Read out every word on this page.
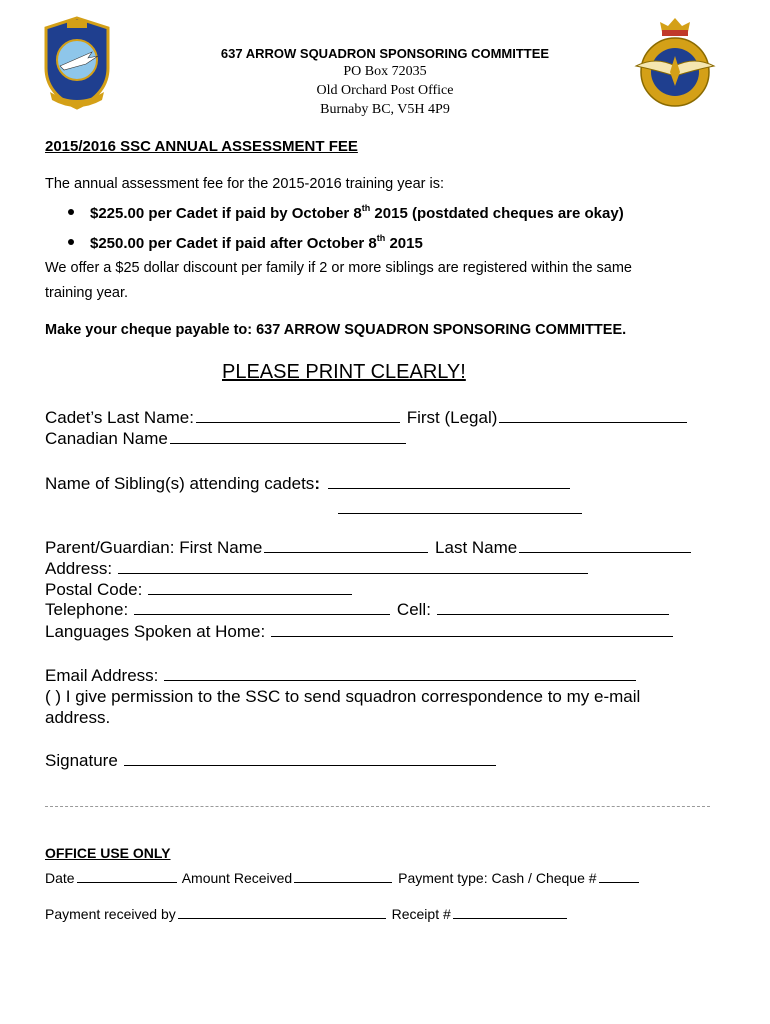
637 ARROW SQUADRON SPONSORING COMMITTEE
PO Box 72035
Old Orchard Post Office
Burnaby BC, V5H 4P9
2015/2016 SSC ANNUAL ASSESSMENT FEE
The annual assessment fee for the 2015-2016 training year is:
$225.00 per Cadet if paid by October 8th 2015 (postdated cheques are okay)
$250.00 per Cadet if paid after October 8th 2015
We offer a $25 dollar discount per family if 2 or more siblings are registered within the same
training year.
Make your cheque payable to: 637 ARROW SQUADRON SPONSORING COMMITTEE.
PLEASE PRINT CLEARLY!
Cadet’s Last Name:	First (Legal)
Canadian Name
Name of Sibling(s) attending cadets:
Parent/Guardian: First Name	Last Name
Address:
Postal Code:
Telephone:	Cell:
Languages Spoken at Home:
Email Address:
( ) I give permission to the SSC to send squadron correspondence to my e-mail
address.
Signature
OFFICE USE ONLY
Date	Amount Received	Payment type: Cash / Cheque #
Payment received by	Receipt #
